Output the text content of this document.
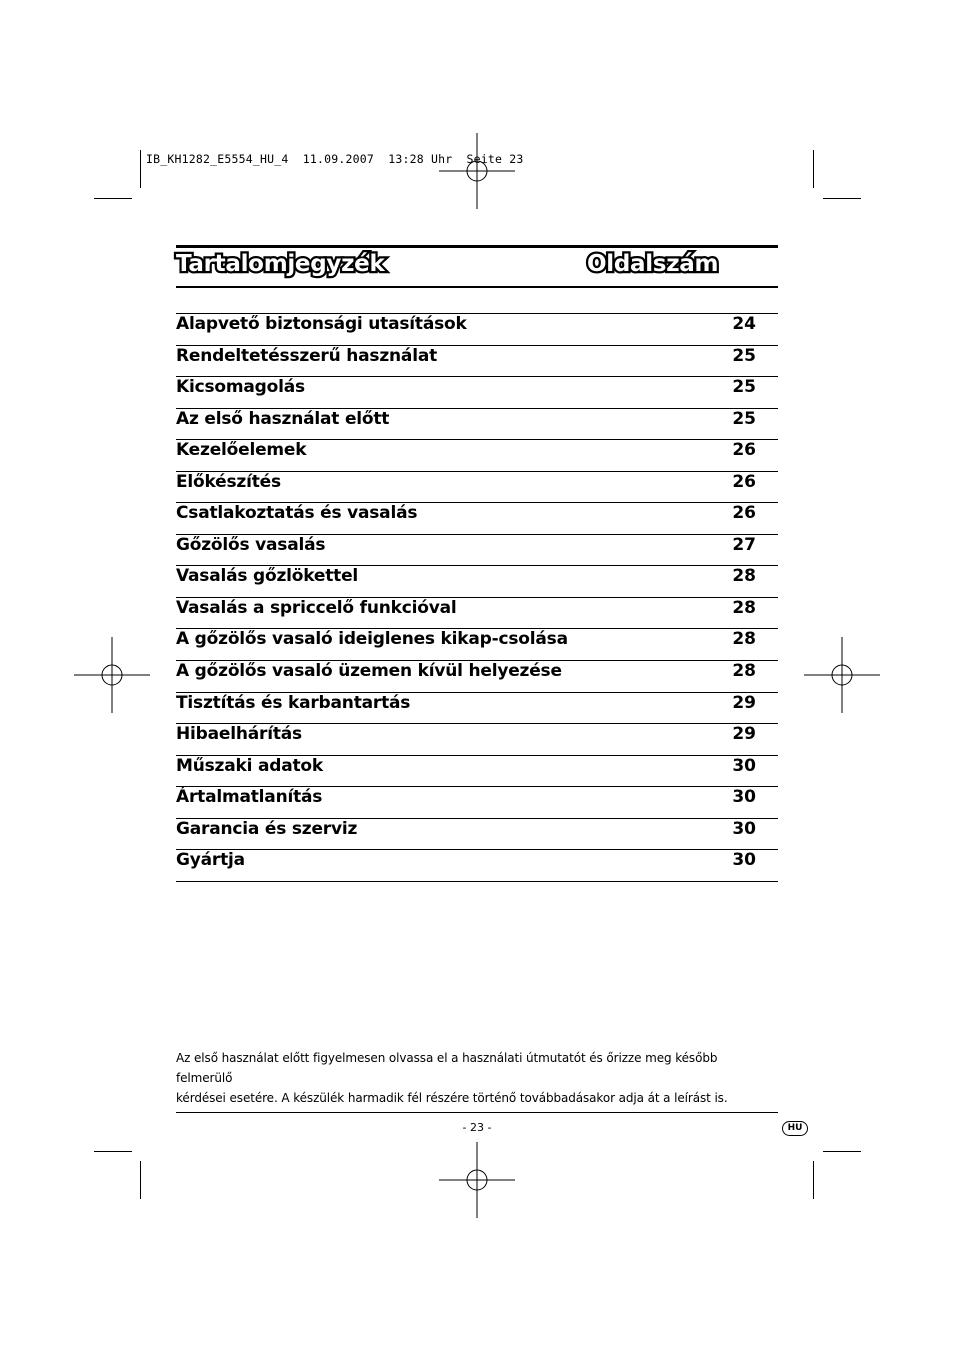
IB_KH1282_E5554_HU_4  11.09.2007  13:28 Uhr  Seite 23
Tartalomjegyzék	Oldalszám
Alapvető biztonsági utasítások	24
Rendeltetésszerű használat	25
Kicsomagolás	25
Az első használat előtt	25
Kezelőelemek	26
Előkészítés	26
Csatlakoztatás és vasalás	26
Gőzölős vasalás	27
Vasalás gőzlökettel	28
Vasalás a spriccelő funkcióval	28
A gőzölős vasaló ideiglenes kikap-csolása	28
A gőzölős vasaló üzemen kívül helyezése	28
Tisztítás és karbantartás	29
Hibaelhárítás	29
Műszaki adatok	30
Ártalmatlanítás	30
Garancia és szerviz	30
Gyártja	30
Az első használat előtt figyelmesen olvassa el a használati útmutatót és őrizze meg később felmerülő
kérdései esetére. A készülék harmadik fél részére történő továbbadásakor adja át a leírást is.
- 23 -	HU
